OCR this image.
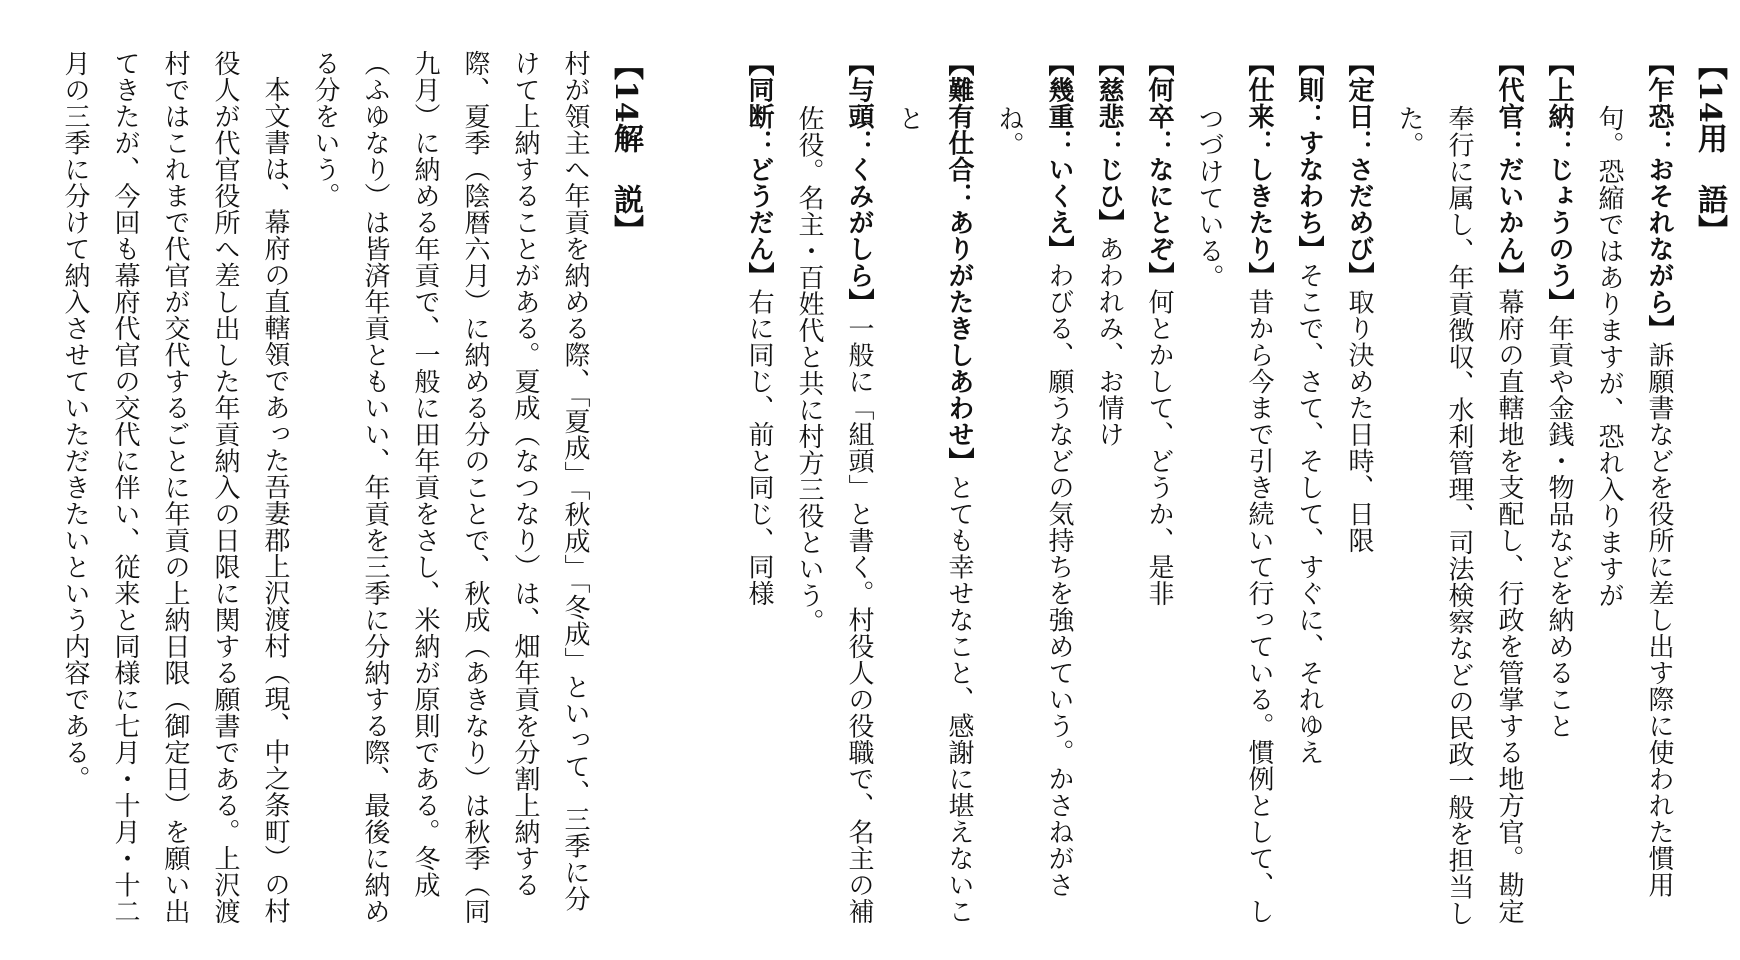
【14用　語】
【乍恐：おそれながら】訴願書などを役所に差し出す際に使われた慣用句。恐縮ではありますが、恐れ入りますが
【上納：じょうのう】年貢や金銭・物品などを納めること
【代官：だいかん】幕府の直轄地を支配し、行政を管掌する地方官。勘定奉行に属し、年貢徴収、水利管理、司法検察などの民政一般を担当した。
【定日：さだめび】取り決めた日時、日限
【則：すなわち】そこで、さて、そして、すぐに、それゆえ
【仕来：しきたり】昔から今まで引き続いて行っている。慣例として、しつづけている。
【何卒：なにとぞ】何とかして、どうか、是非
【慈悲：じひ】あわれみ、お情け
【幾重：いくえ】わびる、願うなどの気持ちを強めていう。かさねがさね。
【難有仕合：ありがたきしあわせ】とても幸せなこと、感謝に堪えないこと
【与頭：くみがしら】一般に「組頭」と書く。村役人の役職で、名主の補佐役。名主・百姓代と共に村方三役という。
【同断：どうだん】右に同じ、前と同じ、同様
【14解　説】
村が領主へ年貢を納める際、「夏成」「秋成」「冬成」といって、三季に分けて上納することがある。夏成（なつなり）は、畑年貢を分割上納する際、夏季（陰暦六月）に納める分のことで、秋成（あきなり）は秋季（同九月）に納める年貢で、一般に田年貢をさし、米納が原則である。冬成（ふゆなり）は皆済年貢ともいい、年貢を三季に分納する際、最後に納める分をいう。
本文書は、幕府の直轄領であった吾妻郡上沢渡村（現、中之条町）の村役人が代官役所へ差し出した年貢納入の日限に関する願書である。上沢渡村ではこれまで代官が交代するごとに年貢の上納日限（御定日）を願い出てきたが、今回も幕府代官の交代に伴い、従来と同様に七月・十月・十二月の三季に分けて納入させていただきたいという内容である。
